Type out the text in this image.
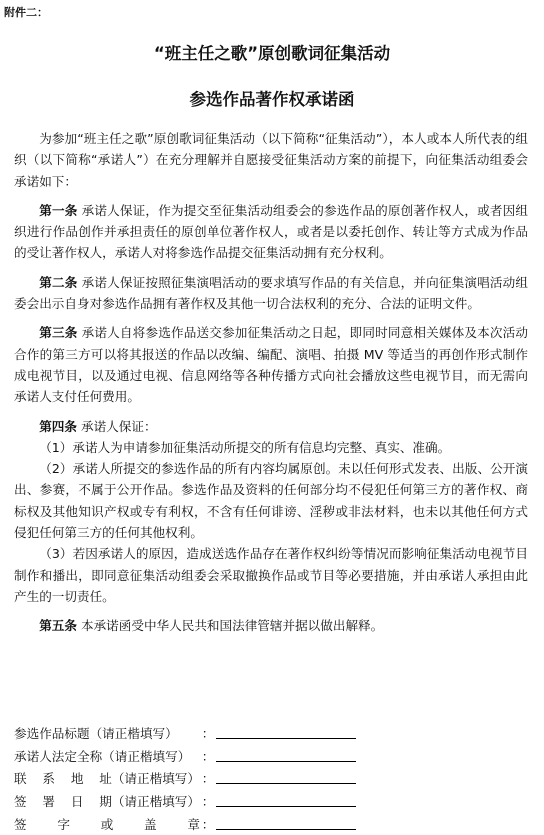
附件二：
“班主任之歌”原创歌词征集活动
参选作品著作权承诺函

为参加“班主任之歌”原创歌词征集活动（以下简称“征集活动”），本人或本人所代表的组织（以下简称“承诺人”）在充分理解并自愿接受征集活动方案的前提下，向征集活动组委会承诺如下：

第一条 承诺人保证，作为提交至征集活动组委会的参选作品的原创著作权人，或者因组织进行作品创作并承担责任的原创单位著作权人，或者是以委托创作、转让等方式成为作品的受让著作权人，承诺人对将参选作品提交征集活动拥有充分权利。

第二条 承诺人保证按照征集演唱活动的要求填写作品的有关信息，并向征集演唱活动组委会出示自身对参选作品拥有著作权及其他一切合法权利的充分、合法的证明文件。

第三条 承诺人自将参选作品送交参加征集活动之日起，即同时同意相关媒体及本次活动合作的第三方可以将其报送的作品以改编、编配、演唱、拍摄 MV 等适当的再创作形式制作成电视节目，以及通过电视、信息网络等各种传播方式向社会播放这些电视节目，而无需向承诺人支付任何费用。

第四条 承诺人保证：

（1）承诺人为申请参加征集活动所提交的所有信息均完整、真实、准确。

（2）承诺人所提交的参选作品的所有内容均属原创。未以任何形式发表、出版、公开演出、参赛，不属于公开作品。参选作品及资料的任何部分均不侵犯任何第三方的著作权、商标权及其他知识产权或专有利权，不含有任何诽谤、淫秽或非法材料，也未以其他任何方式侵犯任何第三方的任何其他权利。

（3）若因承诺人的原因，造成送选作品存在著作权纠纷等情况而影响征集活动电视节目制作和播出，即同意征集活动组委会采取撤换作品或节目等必要措施，并由承诺人承担由此产生的一切责任。

第五条 本承诺函受中华人民共和国法律管辖并据以做出解释。

参选作品标题（请正楷填写）	：
承诺人法定全称（请正楷填写） ：
联 系 地 址（请正楷填写） ：
签 署 日 期（请正楷填写） ：
签 字 或 盖 章 ：
